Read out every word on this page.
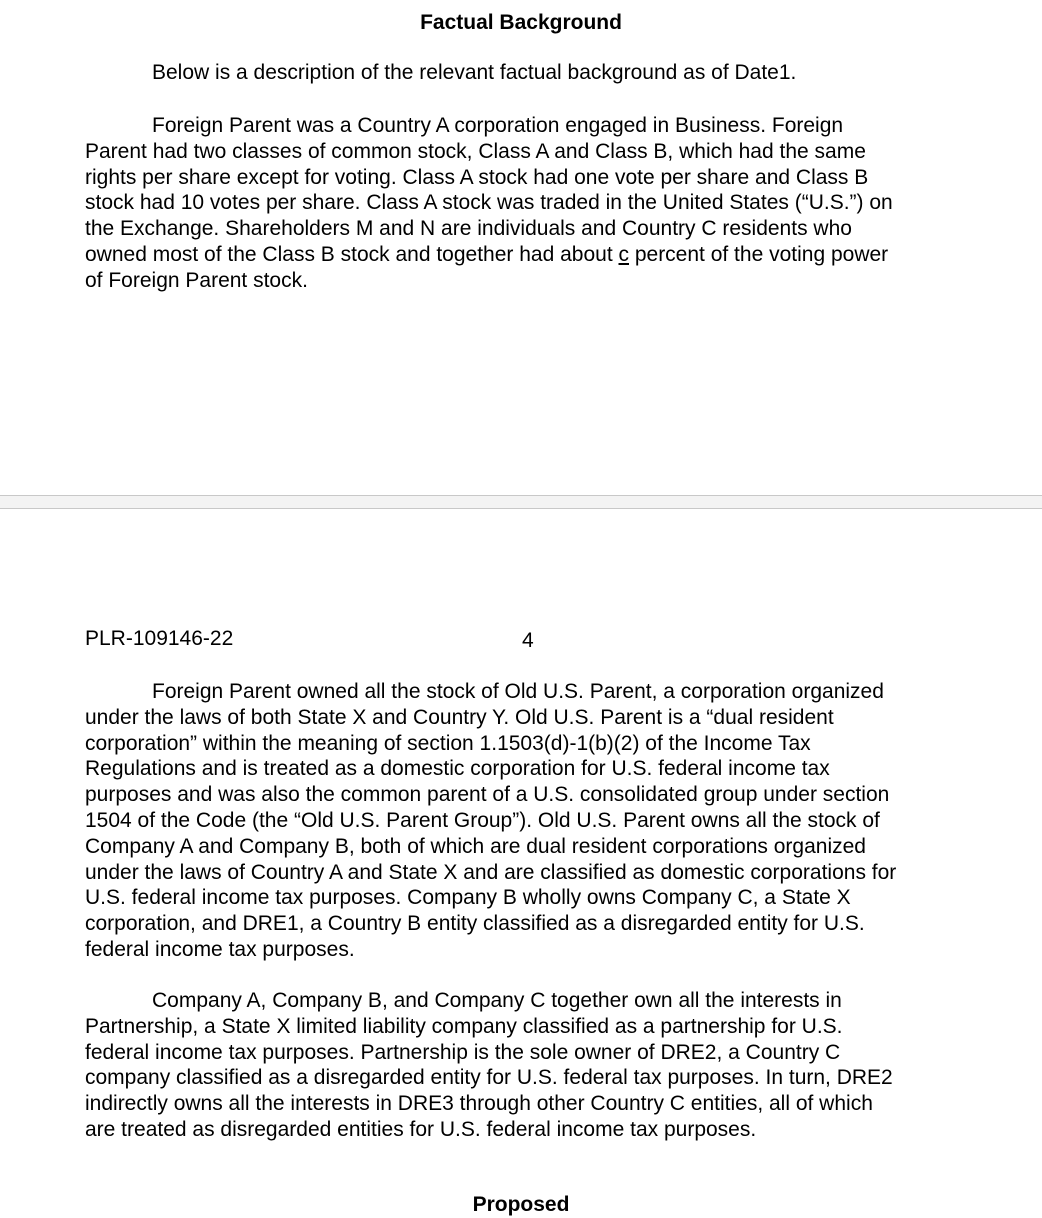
Factual Background

Below is a description of the relevant factual background as of Date1.

Foreign Parent was a Country A corporation engaged in Business. Foreign
Parent had two classes of common stock, Class A and Class B, which had the same
rights per share except for voting. Class A stock had one vote per share and Class B
stock had 10 votes per share. Class A stock was traded in the United States (“U.S.”) on
the Exchange. Shareholders M and N are individuals and Country C residents who
owned most of the Class B stock and together had about c percent of the voting power
of Foreign Parent stock.

PLR-109146-22	4

Foreign Parent owned all the stock of Old U.S. Parent, a corporation organized
under the laws of both State X and Country Y. Old U.S. Parent is a “dual resident
corporation” within the meaning of section 1.1503(d)-1(b)(2) of the Income Tax
Regulations and is treated as a domestic corporation for U.S. federal income tax
purposes and was also the common parent of a U.S. consolidated group under section
1504 of the Code (the “Old U.S. Parent Group”). Old U.S. Parent owns all the stock of
Company A and Company B, both of which are dual resident corporations organized
under the laws of Country A and State X and are classified as domestic corporations for
U.S. federal income tax purposes. Company B wholly owns Company C, a State X
corporation, and DRE1, a Country B entity classified as a disregarded entity for U.S.
federal income tax purposes.

Company A, Company B, and Company C together own all the interests in
Partnership, a State X limited liability company classified as a partnership for U.S.
federal income tax purposes. Partnership is the sole owner of DRE2, a Country C
company classified as a disregarded entity for U.S. federal tax purposes. In turn, DRE2
indirectly owns all the interests in DRE3 through other Country C entities, all of which
are treated as disregarded entities for U.S. federal income tax purposes.

Proposed
